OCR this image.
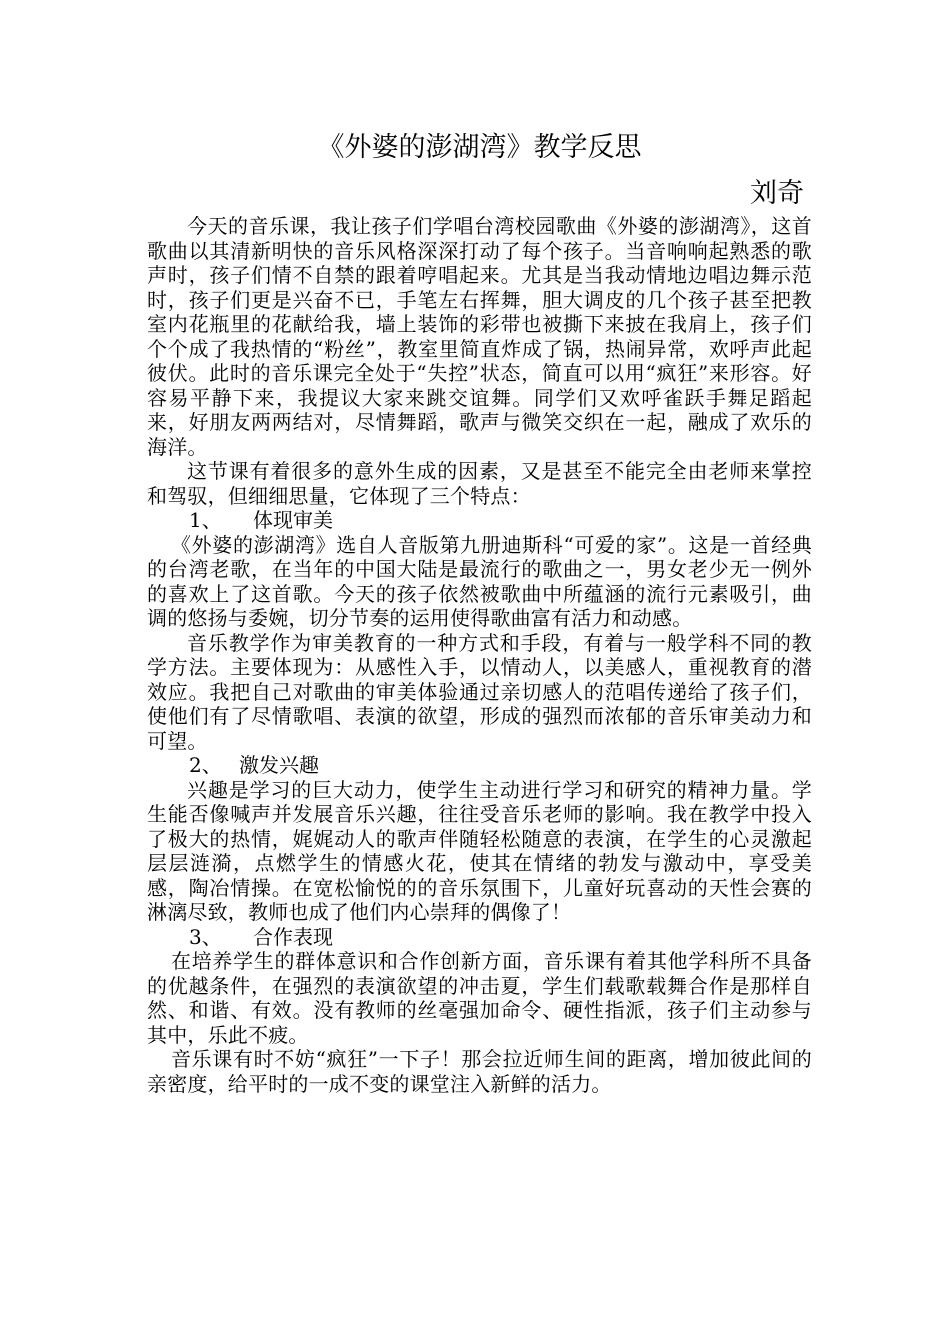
《外婆的澎湖湾》教学反思
刘奇

今天的音乐课，我让孩子们学唱台湾校园歌曲《外婆的澎湖湾》，这首歌曲以其清新明快的音乐风格深深打动了每个孩子。当音响响起熟悉的歌声时，孩子们情不自禁的跟着哼唱起来。尤其是当我动情地边唱边舞示范时，孩子们更是兴奋不已，手笔左右挥舞，胆大调皮的几个孩子甚至把教室内花瓶里的花献给我，墙上装饰的彩带也被撕下来披在我肩上，孩子们个个成了我热情的“粉丝”，教室里简直炸成了锅，热闹异常，欢呼声此起彼伏。此时的音乐课完全处于“失控”状态，简直可以用“疯狂”来形容。好容易平静下来，我提议大家来跳交谊舞。同学们又欢呼雀跃手舞足蹈起来，好朋友两两结对，尽情舞蹈，歌声与微笑交织在一起，融成了欢乐的海洋。

这节课有着很多的意外生成的因素，又是甚至不能完全由老师来掌控和驾驭，但细细思量，它体现了三个特点：

1、 体现审美

《外婆的澎湖湾》选自人音版第九册迪斯科“可爱的家”。这是一首经典的台湾老歌，在当年的中国大陆是最流行的歌曲之一，男女老少无一例外的喜欢上了这首歌。今天的孩子依然被歌曲中所蕴涵的流行元素吸引，曲调的悠扬与委婉，切分节奏的运用使得歌曲富有活力和动感。

音乐教学作为审美教育的一种方式和手段，有着与一般学科不同的教学方法。主要体现为：从感性入手，以情动人，以美感人，重视教育的潜效应。我把自己对歌曲的审美体验通过亲切感人的范唱传递给了孩子们，使他们有了尽情歌唱、表演的欲望，形成的强烈而浓郁的音乐审美动力和可望。

2、 激发兴趣

兴趣是学习的巨大动力，使学生主动进行学习和研究的精神力量。学生能否像喊声并发展音乐兴趣，往往受音乐老师的影响。我在教学中投入了极大的热情，娓娓动人的歌声伴随轻松随意的表演，在学生的心灵激起层层涟漪，点燃学生的情感火花，使其在情绪的勃发与激动中，享受美感，陶冶情操。在宽松愉悦的的音乐氛围下，儿童好玩喜动的天性会赛的淋漓尽致，教师也成了他们内心崇拜的偶像了！

3、 合作表现

在培养学生的群体意识和合作创新方面，音乐课有着其他学科所不具备的优越条件，在强烈的表演欲望的冲击夏，学生们载歌载舞合作是那样自然、和谐、有效。没有教师的丝毫强加命令、硬性指派，孩子们主动参与其中，乐此不疲。

音乐课有时不妨“疯狂”一下子！那会拉近师生间的距离，增加彼此间的亲密度，给平时的一成不变的课堂注入新鲜的活力。
